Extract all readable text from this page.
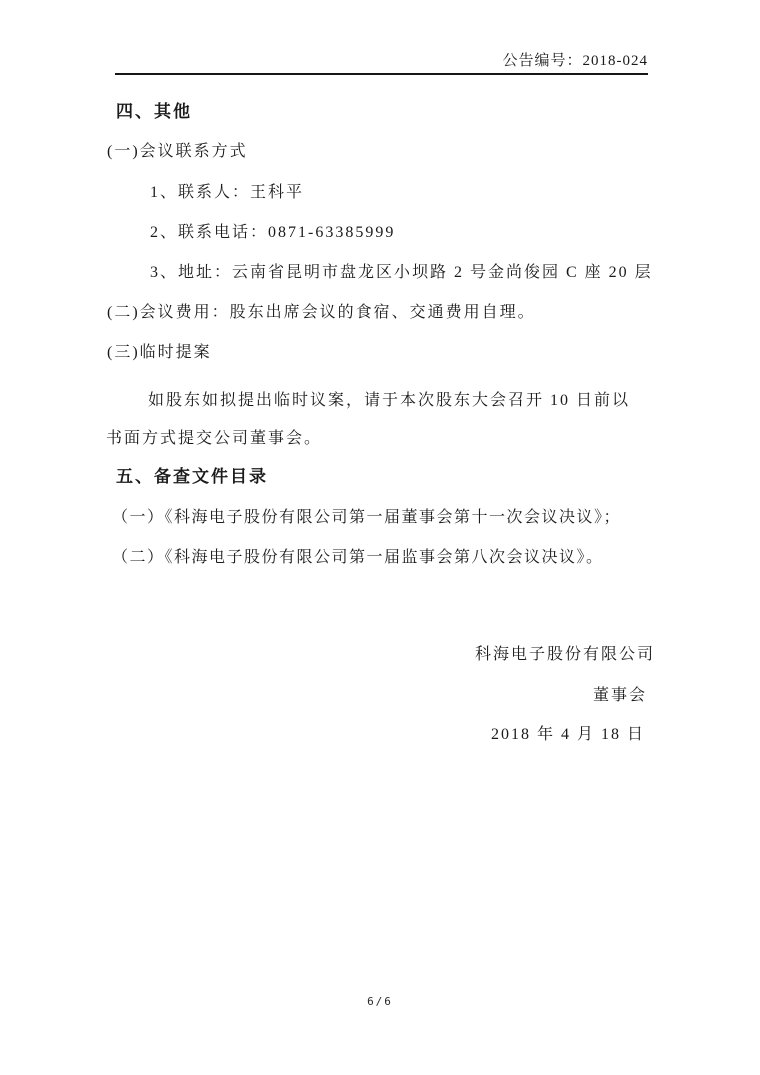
公告编号：2018-024
四、其他
(一)会议联系方式
1、联系人：王科平
2、联系电话：0871-63385999
3、地址：云南省昆明市盘龙区小坝路 2 号金尚俊园 C 座 20 层
(二)会议费用：股东出席会议的食宿、交通费用自理。
(三)临时提案
如股东如拟提出临时议案，请于本次股东大会召开 10 日前以
书面方式提交公司董事会。
五、备查文件目录
（一）《科海电子股份有限公司第一届董事会第十一次会议决议》；
（二）《科海电子股份有限公司第一届监事会第八次会议决议》。
科海电子股份有限公司
董事会
2018 年 4 月 18 日
6/6
